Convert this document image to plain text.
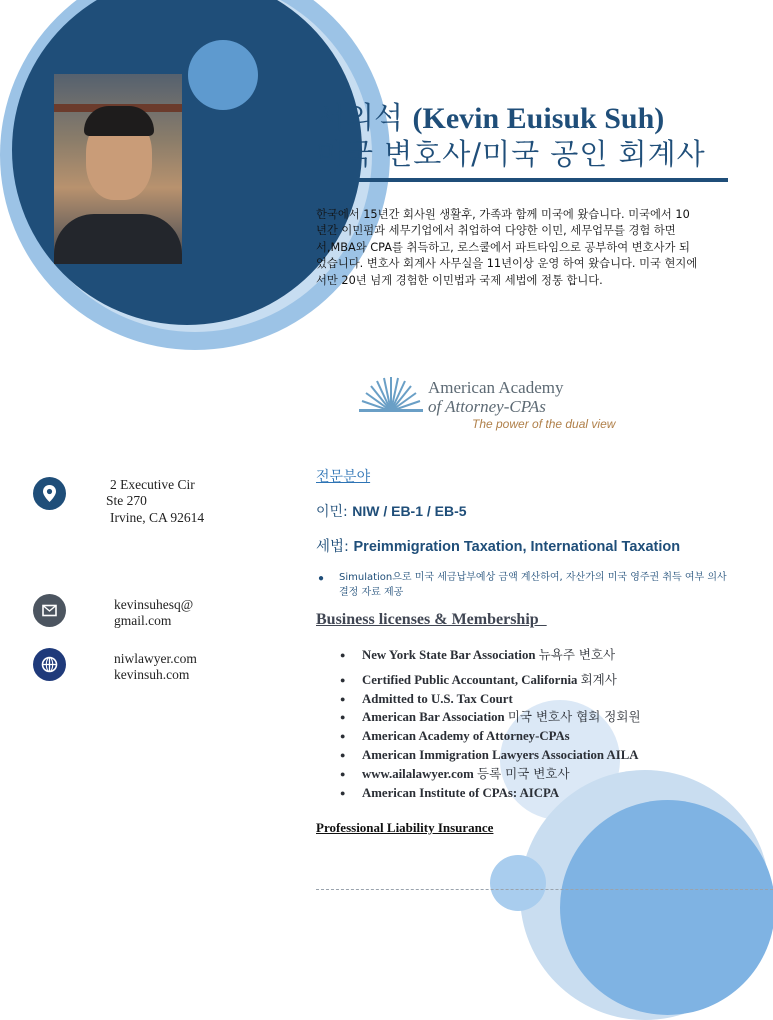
서의석 (Kevin Euisuk Suh)
미국 변호사/미국 공인 회계사
한국에서 15년간 회사원 생활후, 가족과 함께 미국에 왔습니다. 미국에서 10년간 이민펌과 세무기업에서 취업하여 다양한 이민, 세무업무를 경험 하면서,MBA와 CPA를 취득하고, 로스쿨에서 파트타임으로 공부하여 변호사가 되었습니다. 변호사 회계사 사무실을 11년이상 운영 하여 왔습니다. 미국 현지에서만 20년 넘게 경험한 이민법과 국제 세법에 정통 합니다.
American Academy
of Attorney-CPAs
The power of the dual view
2 Executive Cir
Ste 270
Irvine, CA 92614
kevinsuhesq@
gmail.com
niwlawyer.com
kevinsuh.com
전문분야
이민: NIW / EB-1 / EB-5
세법: Preimmigration Taxation, International Taxation
● Simulation으로 미국 세금납부예상 금액 계산하여, 자산가의 미국 영주권 취득 여부 의사 결정 자료 제공
Business licenses & Membership
● New York State Bar Association 뉴욕주 변호사
● Certified Public Accountant, California 회계사
● Admitted to U.S. Tax Court
● American Bar Association 미국 변호사 협회 정회원
● American Academy of Attorney-CPAs
● American Immigration Lawyers Association AILA
● www.ailalawyer.com 등록 미국 변호사
● American Institute of CPAs: AICPA
Professional Liability Insurance
